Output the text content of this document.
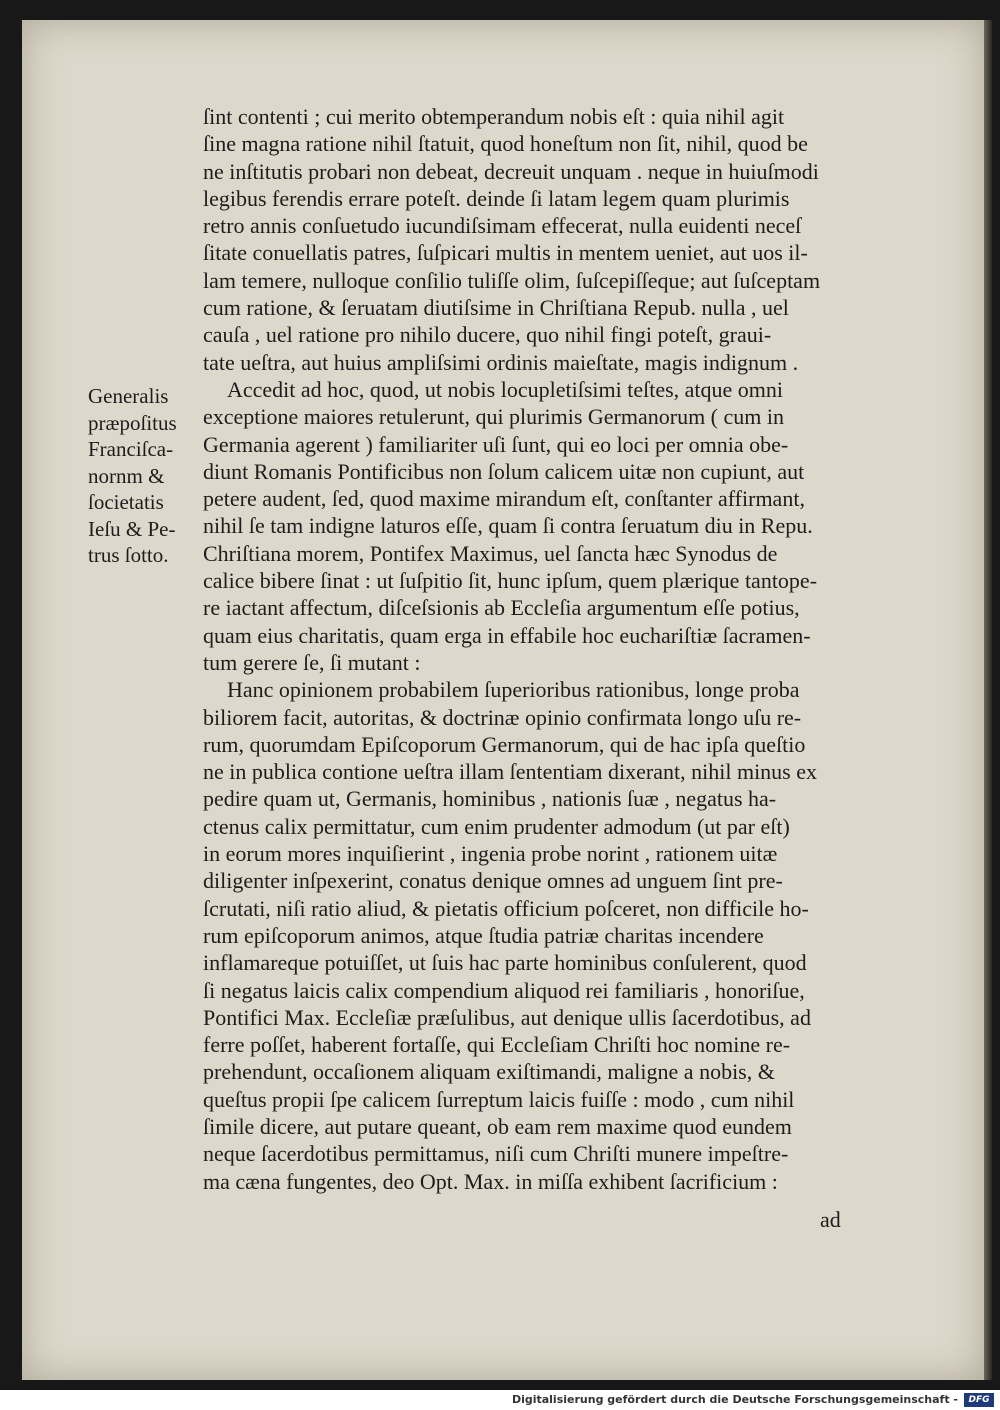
ſint contenti ; cui merito obtemperandum nobis eſt : quia nihil agit
ſine magna ratione nihil ſtatuit, quod honeſtum non ſit, nihil, quod be
ne inſtitutis probari non debeat, decreuit unquam . neque in huiuſmodi
legibus ferendis errare poteſt. deinde ſi latam legem quam plurimis
retro annis conſuetudo iucundiſsimam effecerat, nulla euidenti neceſ
ſitate conuellatis patres, ſuſpicari multis in mentem ueniet, aut uos il-
lam temere, nulloque conſilio tuliſſe olim, ſuſcepiſſeque; aut ſuſceptam
cum ratione, & ſeruatam diutiſsime in Chriſtiana Repub. nulla , uel
cauſa , uel ratione pro nihilo ducere, quo nihil fingi poteſt, graui-
tate ueſtra, aut huius ampliſsimi ordinis maieſtate, magis indignum .
Accedit ad hoc, quod, ut nobis locupletiſsimi teſtes, atque omni
exceptione maiores retulerunt, qui plurimis Germanorum ( cum in
Germania agerent ) familiariter uſi ſunt, qui eo loci per omnia obe-
diunt Romanis Pontificibus non ſolum calicem uitæ non cupiunt, aut
petere audent, ſed, quod maxime mirandum eſt, conſtanter affirmant,
nihil ſe tam indigne laturos eſſe, quam ſi contra ſeruatum diu in Repu.
Chriſtiana morem, Pontifex Maximus, uel ſancta hæc Synodus de
calice bibere ſinat : ut ſuſpitio ſit, hunc ipſum, quem plærique tantope-
re iactant affectum, diſceſsionis ab Eccleſia argumentum eſſe potius,
quam eius charitatis, quam erga in effabile hoc euchariſtiæ ſacramen-
tum gerere ſe, ſi mutant :
Hanc opinionem probabilem ſuperioribus rationibus, longe proba
biliorem facit, autoritas, & doctrinæ opinio confirmata longo uſu re-
rum, quorumdam Epiſcoporum Germanorum, qui de hac ipſa queſtio
ne in publica contione ueſtra illam ſententiam dixerant, nihil minus ex
pedire quam ut, Germanis, hominibus , nationis ſuæ , negatus ha-
ctenus calix permittatur, cum enim prudenter admodum (ut par eſt)
in eorum mores inquiſierint , ingenia probe norint , rationem uitæ
diligenter inſpexerint, conatus denique omnes ad unguem ſint pre-
ſcrutati, niſi ratio aliud, & pietatis officium poſceret, non difficile ho-
rum epiſcoporum animos, atque ſtudia patriæ charitas incendere
inflamareque potuiſſet, ut ſuis hac parte hominibus conſulerent, quod
ſi negatus laicis calix compendium aliquod rei familiaris , honoriſue,
Pontifici Max. Eccleſiæ præſulibus, aut denique ullis ſacerdotibus, ad
ferre poſſet, haberent fortaſſe, qui Eccleſiam Chriſti hoc nomine re-
prehendunt, occaſionem aliquam exiſtimandi, maligne a nobis, &
queſtus propii ſpe calicem ſurreptum laicis fuiſſe : modo , cum nihil
ſimile dicere, aut putare queant, ob eam rem maxime quod eundem
neque ſacerdotibus permittamus, niſi cum Chriſti munere impeſtre-
ma cæna fungentes, deo Opt. Max. in miſſa exhibent ſacrificium :
Generalis
præpoſitus
Franciſca-
nornm &
ſocietatis
Ieſu & Pe-
trus ſotto.
ad
Digitalisierung gefördert durch die Deutsche Forschungsgemeinschaft -	DFG
